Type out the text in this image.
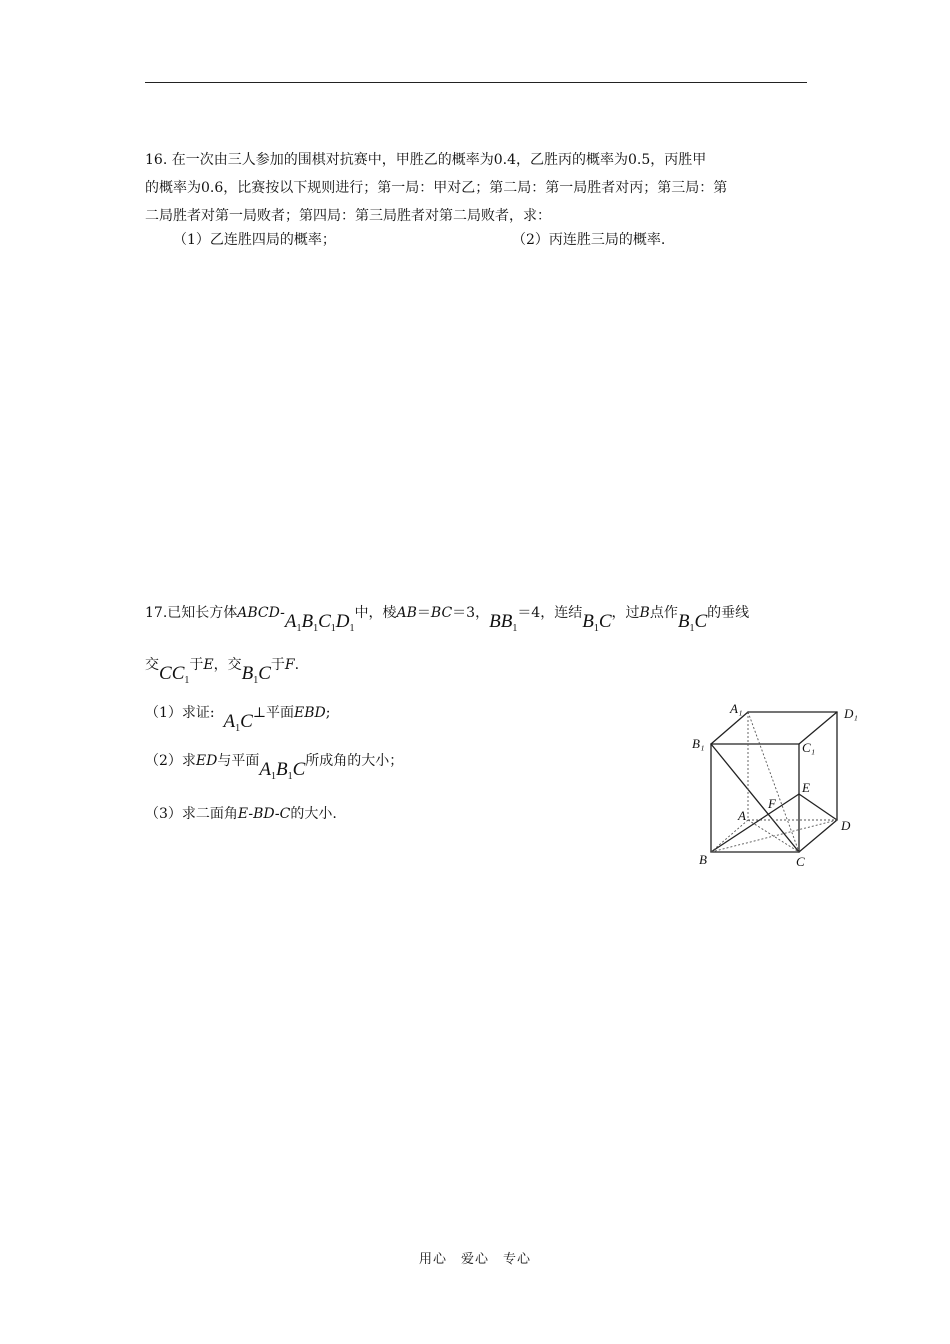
16. 在一次由三人参加的围棋对抗赛中，甲胜乙的概率为0.4，乙胜丙的概率为0.5，丙胜甲
的概率为0.6，比赛按以下规则进行；第一局：甲对乙；第二局：第一局胜者对丙；第三局：第
二局胜者对第一局败者；第四局：第三局胜者对第二局败者，求：
（1）乙连胜四局的概率；	（2）丙连胜三局的概率.
17.已知长方体ABCD-$A_1B_1C_1D_1$中，棱AB＝BC＝3，$BB_1=4$，连结$B_1C$，过B点作$B_1C$的垂线
交$CC_1$于E，交$B_1C$于F.
（1）求证: $A_1C\perp$平面EBD;
（2）求ED与平面$A_1B_1C$所成角的大小；
（3）求二面角E-BD-C的大小.
A₁	D₁
B₁	C₁
E
F
A
D
B	C
用心 爱心 专心
